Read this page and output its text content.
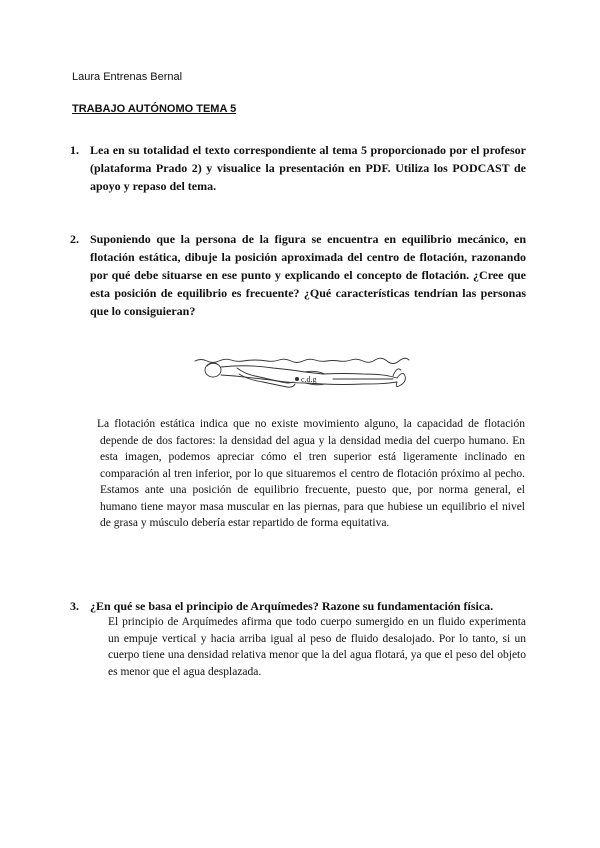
Laura Entrenas Bernal
TRABAJO AUTÓNOMO TEMA 5
1. Lea en su totalidad el texto correspondiente al tema 5 proporcionado por el profesor (plataforma Prado 2) y visualice la presentación en PDF. Utiliza los PODCAST de apoyo y repaso del tema.
2. Suponiendo que la persona de la figura se encuentra en equilibrio mecánico, en flotación estática, dibuje la posición aproximada del centro de flotación, razonando por qué debe situarse en ese punto y explicando el concepto de flotación. ¿Cree que esta posición de equilibrio es frecuente? ¿Qué características tendrían las personas que lo consiguieran?
c.d.g
La flotación estática indica que no existe movimiento alguno, la capacidad de flotación depende de dos factores: la densidad del agua y la densidad media del cuerpo humano. En esta imagen, podemos apreciar cómo el tren superior está ligeramente inclinado en comparación al tren inferior, por lo que situaremos el centro de flotación próximo al pecho. Estamos ante una posición de equilibrio frecuente, puesto que, por norma general, el humano tiene mayor masa muscular en las piernas, para que hubiese un equilibrio el nivel de grasa y músculo debería estar repartido de forma equitativa.
3. ¿En qué se basa el principio de Arquímedes? Razone su fundamentación física.
El principio de Arquímedes afirma que todo cuerpo sumergido en un fluido experimenta un empuje vertical y hacia arriba igual al peso de fluido desalojado. Por lo tanto, si un cuerpo tiene una densidad relativa menor que la del agua flotará, ya que el peso del objeto es menor que el agua desplazada.
